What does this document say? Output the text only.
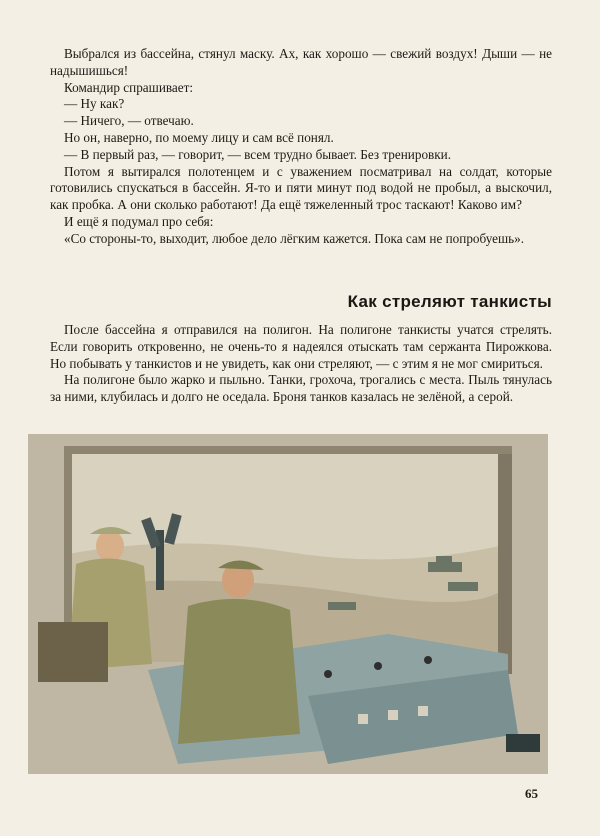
Выбрался из бассейна, стянул маску. Ах, как хорошо — свежий воздух! Дыши — не надышишься!

Командир спрашивает:

— Ну как?

— Ничего, — отвечаю.

Но он, наверно, по моему лицу и сам всё понял.

— В первый раз, — говорит, — всем трудно бывает. Без тренировки.

Потом я вытирался полотенцем и с уважением посматривал на солдат, которые готовились спускаться в бассейн. Я-то и пяти минут под водой не пробыл, а выскочил, как пробка. А они сколько работают! Да ещё тяжеленный трос таскают! Каково им?

И ещё я подумал про себя:

«Со стороны-то, выходит, любое дело лёгким кажется. Пока сам не попробуешь».

Как стреляют танкисты

После бассейна я отправился на полигон. На полигоне танкисты учатся стрелять. Если говорить откровенно, не очень-то я надеялся отыскать там сержанта Пирожкова. Но побывать у танкистов и не увидеть, как они стреляют, — с этим я не мог смириться.

На полигоне было жарко и пыльно. Танки, грохоча, трогались с места. Пыль тянулась за ними, клубилась и долго не оседала. Броня танков казалась не зелёной, а серой.

65
